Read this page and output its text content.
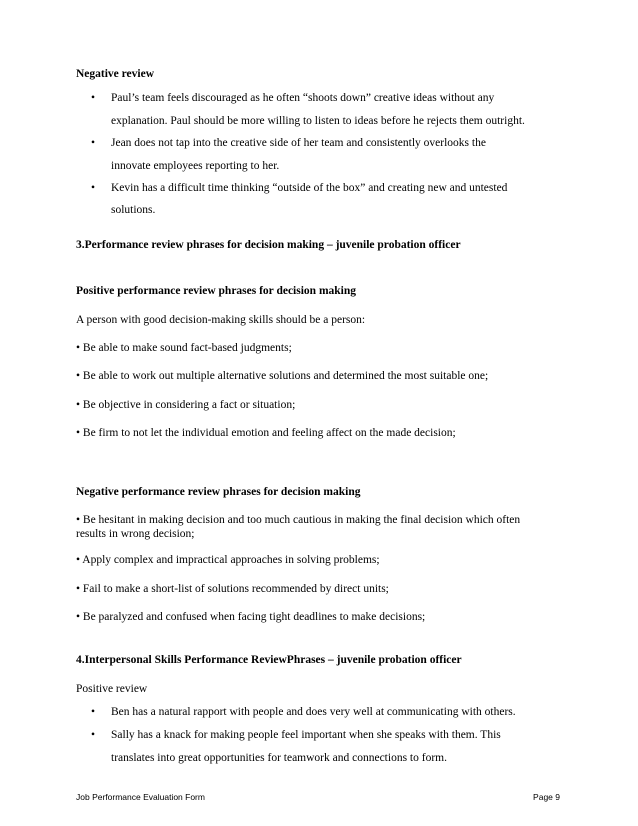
Negative review
• Paul’s team feels discouraged as he often “shoots down” creative ideas without any
explanation. Paul should be more willing to listen to ideas before he rejects them outright.
• Jean does not tap into the creative side of her team and consistently overlooks the
innovate employees reporting to her.
• Kevin has a difficult time thinking “outside of the box” and creating new and untested
solutions.
3.Performance review phrases for decision making – juvenile probation officer
Positive performance review phrases for decision making
A person with good decision-making skills should be a person:
• Be able to make sound fact-based judgments;
• Be able to work out multiple alternative solutions and determined the most suitable one;
• Be objective in considering a fact or situation;
• Be firm to not let the individual emotion and feeling affect on the made decision;
Negative performance review phrases for decision making
• Be hesitant in making decision and too much cautious in making the final decision which often
results in wrong decision;
• Apply complex and impractical approaches in solving problems;
• Fail to make a short-list of solutions recommended by direct units;
• Be paralyzed and confused when facing tight deadlines to make decisions;
4.Interpersonal Skills Performance ReviewPhrases – juvenile probation officer
Positive review
• Ben has a natural rapport with people and does very well at communicating with others.
• Sally has a knack for making people feel important when she speaks with them. This
translates into great opportunities for teamwork and connections to form.
Job Performance Evaluation Form	Page 9
